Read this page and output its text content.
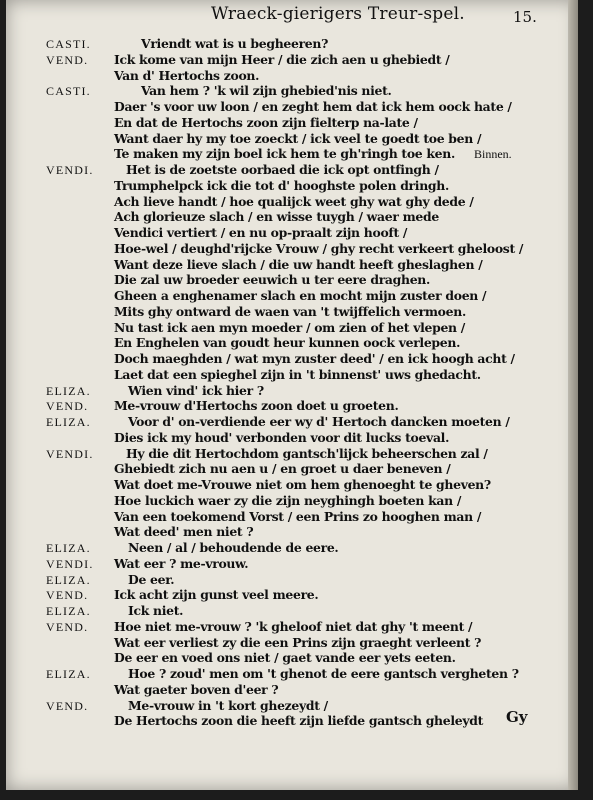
Wraeck-gierigers Treur-spel.	15.
CASTI.	Vriendt wat is u begheeren?
VEND. Ick kome van mijn Heer / die zich aen u ghebiedt /
Van d' Hertochs zoon.
CASTI.	Van hem ? 'k wil zijn ghebied'nis niet.
Daer 's voor uw loon / en zeght hem dat ick hem oock hate /
En dat de Hertochs zoon zijn fielterp na-late /
Want daer hy my toe zoeckt / ick veel te goedt toe ben /
Te maken my zijn boel ick hem te gh'ringh toe ken. Binnen.
VENDI.	Het is de zoetste oorbaed die ick opt ontfingh /
Trumphelpck ick die tot d' hooghste polen dringh.
Ach lieve handt / hoe qualijck weet ghy wat ghy dede /
Ach glorieuze slach / en wisse tuygh / waer mede
Vendici vertiert / en nu op-praalt zijn hooft /
Hoe-wel / deughd'rijcke Vrouw / ghy recht verkeert gheloost /
Want deze lieve slach / die uw handt heeft gheslaghen /
Die zal uw broeder eeuwich u ter eere draghen.
Gheen a enghenamer slach en mocht mijn zuster doen /
Mits ghy ontward de waen van 't twijffelich vermoen.
Nu tast ick aen myn moeder / om zien of het vlepen /
En Enghelen van goudt heur kunnen oock verlepen.
Doch maeghden / wat myn zuster deed' / en ick hoogh acht /
Laet dat een spieghel zijn in 't binnenst' uws ghedacht.
ELIZA.	Wien vind' ick hier ?
VEND. Me-vrouw d'Hertochs zoon doet u groeten.
ELIZA.	Voor d' on-verdiende eer wy d' Hertoch dancken moeten /
Dies ick my houd' verbonden voor dit lucks toeval.
VENDI.	Hy die dit Hertochdom gantsch'lijck beheerschen zal /
Ghebiedt zich nu aen u / en groet u daer beneven /
Wat doet me-Vrouwe niet om hem ghenoeght te gheven?
Hoe luckich waer zy die zijn neyghingh boeten kan /
Van een toekomend Vorst / een Prins zo hooghen man /
Wat deed' men niet ?
ELIZA.	Neen / al / behoudende de eere.
VENDI. Wat eer ? me-vrouw.
ELIZA.	De eer.
VEND. Ick acht zijn gunst veel meere.
ELIZA.	Ick niet.
VEND. Hoe niet me-vrouw ? 'k gheloof niet dat ghy 't meent /
Wat eer verliest zy die een Prins zijn graeght verleent ?
De eer en voed ons niet / gaet vande eer yets eeten.
ELIZA.	Hoe ? zoud' men om 't ghenot de eere gantsch vergheten ?
Wat gaeter boven d'eer ?
VEND.	Me-vrouw in 't kort ghezeydt /
De Hertochs zoon die heeft zijn liefde gantsch gheleydt Gy
